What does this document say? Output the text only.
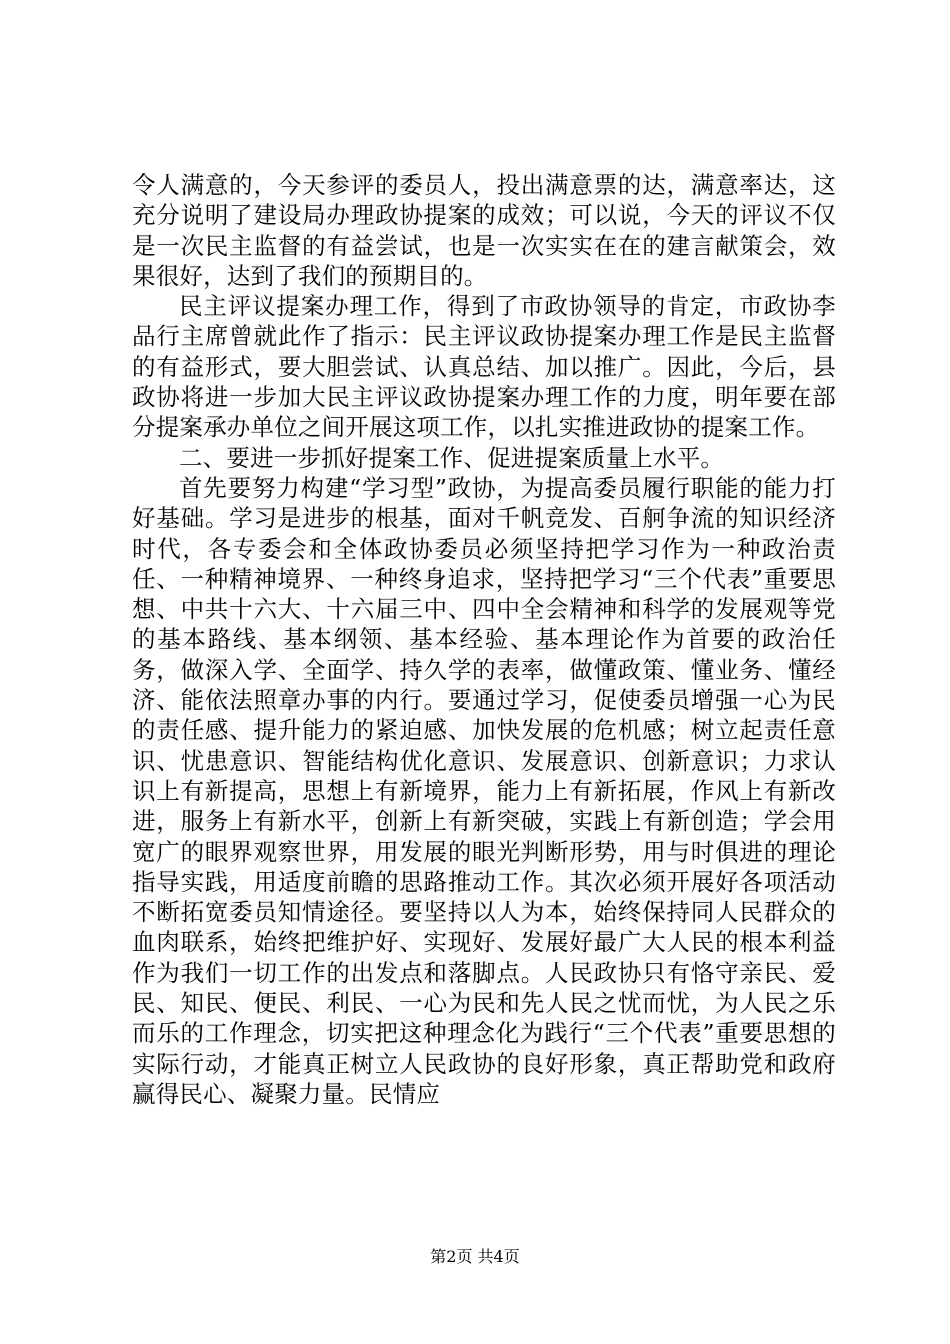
令人满意的，今天参评的委员人，投出满意票的达，满意率达，这充分说明了建设局办理政协提案的成效；可以说，今天的评议不仅是一次民主监督的有益尝试，也是一次实实在在的建言献策会，效果很好，达到了我们的预期目的。

民主评议提案办理工作，得到了市政协领导的肯定，市政协李品行主席曾就此作了指示：民主评议政协提案办理工作是民主监督的有益形式，要大胆尝试、认真总结、加以推广。因此，今后，县政协将进一步加大民主评议政协提案办理工作的力度，明年要在部分提案承办单位之间开展这项工作，以扎实推进政协的提案工作。

二、要进一步抓好提案工作、促进提案质量上水平。

首先要努力构建“学习型”政协，为提高委员履行职能的能力打好基础。学习是进步的根基，面对千帆竞发、百舸争流的知识经济时代，各专委会和全体政协委员必须坚持把学习作为一种政治责任、一种精神境界、一种终身追求，坚持把学习“三个代表”重要思想、中共十六大、十六届三中、四中全会精神和科学的发展观等党的基本路线、基本纲领、基本经验、基本理论作为首要的政治任务，做深入学、全面学、持久学的表率，做懂政策、懂业务、懂经济、能依法照章办事的内行。要通过学习，促使委员增强一心为民的责任感、提升能力的紧迫感、加快发展的危机感；树立起责任意识、忧患意识、智能结构优化意识、发展意识、创新意识；力求认识上有新提高，思想上有新境界，能力上有新拓展，作风上有新改进，服务上有新水平，创新上有新突破，实践上有新创造；学会用宽广的眼界观察世界，用发展的眼光判断形势，用与时俱进的理论指导实践，用适度前瞻的思路推动工作。其次必须开展好各项活动不断拓宽委员知情途径。要坚持以人为本，始终保持同人民群众的血肉联系，始终把维护好、实现好、发展好最广大人民的根本利益作为我们一切工作的出发点和落脚点。人民政协只有恪守亲民、爱民、知民、便民、利民、一心为民和先人民之忧而忧，为人民之乐而乐的工作理念，切实把这种理念化为践行“三个代表”重要思想的实际行动，才能真正树立人民政协的良好形象，真正帮助党和政府赢得民心、凝聚力量。民情应

第2页 共4页
